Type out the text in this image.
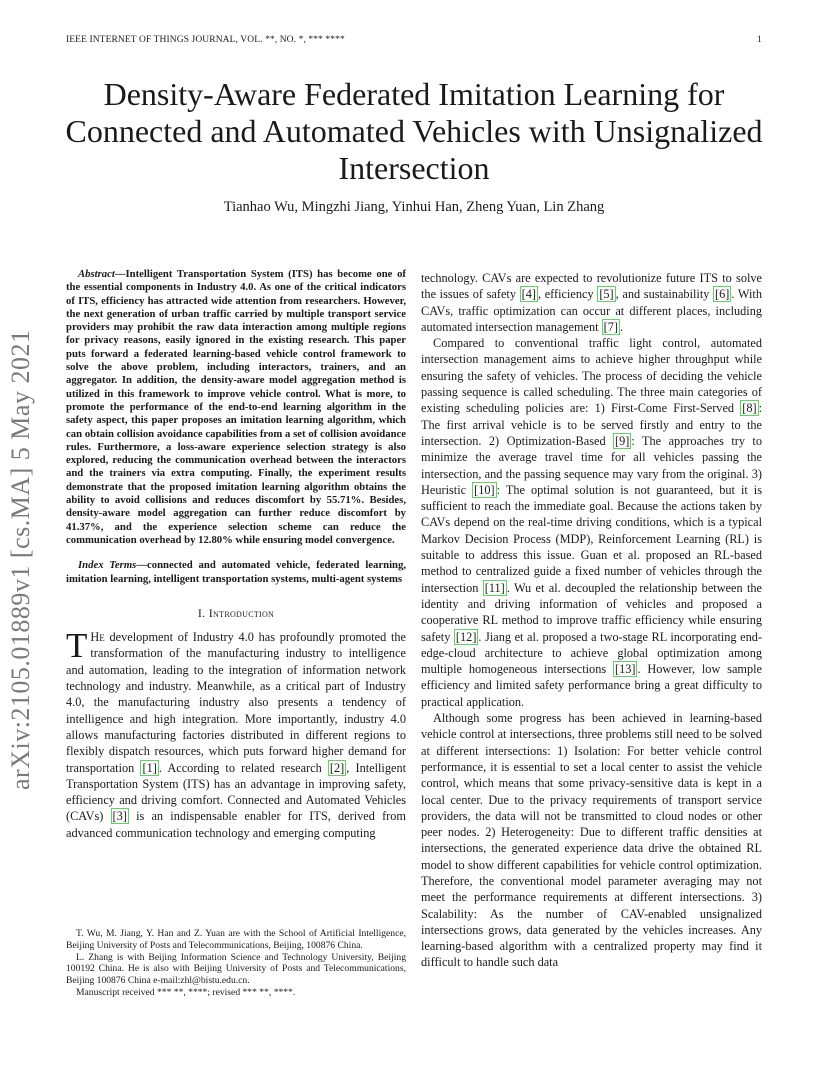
IEEE INTERNET OF THINGS JOURNAL, VOL. **, NO. *, *** ****	1
arXiv:2105.01889v1 [cs.MA] 5 May 2021
Density-Aware Federated Imitation Learning for Connected and Automated Vehicles with Unsignalized Intersection
Tianhao Wu, Mingzhi Jiang, Yinhui Han, Zheng Yuan, Lin Zhang

Abstract—Intelligent Transportation System (ITS) has become one of the essential components in Industry 4.0. As one of the critical indicators of ITS, efficiency has attracted wide attention from researchers. However, the next generation of urban traffic carried by multiple transport service providers may prohibit the raw data interaction among multiple regions for privacy reasons, easily ignored in the existing research. This paper puts forward a federated learning-based vehicle control framework to solve the above problem, including interactors, trainers, and an aggregator. In addition, the density-aware model aggregation method is utilized in this framework to improve vehicle control. What is more, to promote the performance of the end-to-end learning algorithm in the safety aspect, this paper proposes an imitation learning algorithm, which can obtain collision avoidance capabilities from a set of collision avoidance rules. Furthermore, a loss-aware experience selection strategy is also explored, reducing the communication overhead between the interactors and the trainers via extra computing. Finally, the experiment results demonstrate that the proposed imitation learning algorithm obtains the ability to avoid collisions and reduces discomfort by 55.71%. Besides, density-aware model aggregation can further reduce discomfort by 41.37%, and the experience selection scheme can reduce the communication overhead by 12.80% while ensuring model convergence.

Index Terms—connected and automated vehicle, federated learning, imitation learning, intelligent transportation systems, multi-agent systems

I. Introduction

T He development of Industry 4.0 has profoundly promoted the transformation of the manufacturing industry to intelligence and automation, leading to the integration of information network technology and industry. Meanwhile, as a critical part of Industry 4.0, the manufacturing industry also presents a tendency of intelligence and high integration. More importantly, industry 4.0 allows manufacturing factories distributed in different regions to flexibly dispatch resources, which puts forward higher demand for transportation [1] . According to related research [2] , Intelligent Transportation System (ITS) has an advantage in improving safety, efficiency and driving comfort. Connected and Automated Vehicles (CAVs) [3] is an indispensable enabler for ITS, derived from advanced communication technology and emerging computing

technology. CAVs are expected to revolutionize future ITS to solve the issues of safety [4] , efficiency [5] , and sustainability [6] . With CAVs, traffic optimization can occur at different places, including automated intersection management [7] .

Compared to conventional traffic light control, automated intersection management aims to achieve higher throughput while ensuring the safety of vehicles. The process of deciding the vehicle passing sequence is called scheduling. The three main categories of existing scheduling policies are: 1) First-Come First-Served [8] : The first arrival vehicle is to be served firstly and entry to the intersection. 2) Optimization-Based [9] : The approaches try to minimize the average travel time for all vehicles passing the intersection, and the passing sequence may vary from the original. 3) Heuristic [10] : The optimal solution is not guaranteed, but it is sufficient to reach the immediate goal. Because the actions taken by CAVs depend on the real-time driving conditions, which is a typical Markov Decision Process (MDP), Reinforcement Learning (RL) is suitable to address this issue. Guan et al. proposed an RL-based method to centralized guide a fixed number of vehicles through the intersection [11] . Wu et al. decoupled the relationship between the identity and driving information of vehicles and proposed a cooperative RL method to improve traffic efficiency while ensuring safety [12] . Jiang et al. proposed a two-stage RL incorporating end-edge-cloud architecture to achieve global optimization among multiple homogeneous intersections [13] . However, low sample efficiency and limited safety performance bring a great difficulty to practical application.

Although some progress has been achieved in learning-based vehicle control at intersections, three problems still need to be solved at different intersections: 1) Isolation: For better vehicle control performance, it is essential to set a local center to assist the vehicle control, which means that some privacy-sensitive data is kept in a local center. Due to the privacy requirements of transport service providers, the data will not be transmitted to cloud nodes or other peer nodes. 2) Heterogeneity: Due to different traffic densities at intersections, the generated experience data drive the obtained RL model to show different capabilities for vehicle control optimization. Therefore, the conventional model parameter averaging may not meet the performance requirements at different intersections. 3) Scalability: As the number of CAV-enabled unsignalized intersections grows, data generated by the vehicles increases. Any learning-based algorithm with a centralized property may find it difficult to handle such data

T. Wu, M. Jiang, Y. Han and Z. Yuan are with the School of Artificial Intelligence, Beijing University of Posts and Telecommunications, Beijing, 100876 China.

L. Zhang is with Beijing Information Science and Technology University, Beijing 100192 China. He is also with Beijing University of Posts and Telecommunications, Beijing 100876 China e-mail:zhl@bistu.edu.cn.

Manuscript received *** **, ****; revised *** **, ****.
